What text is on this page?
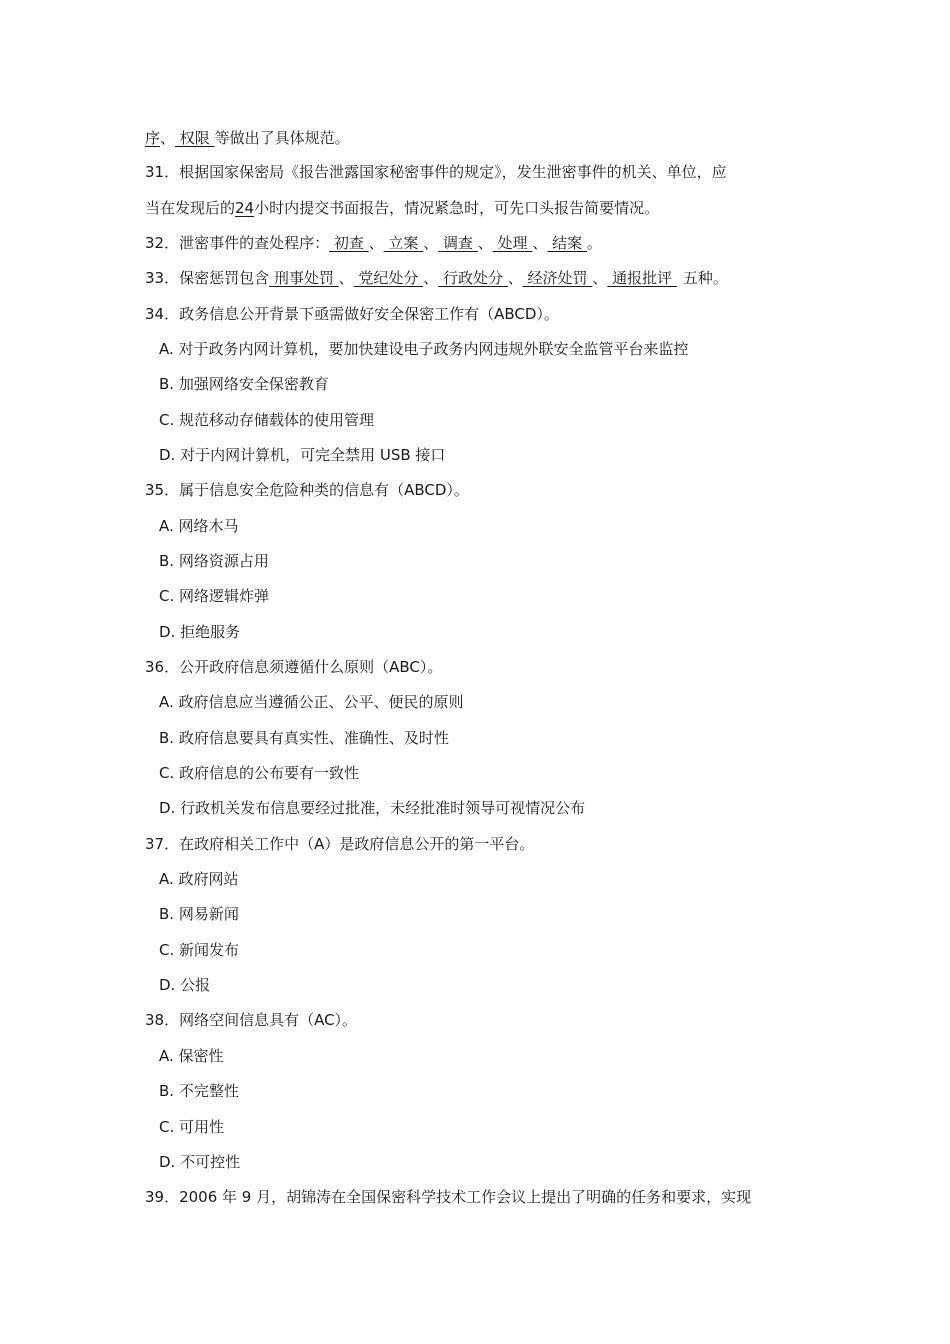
序、 权限 等做出了具体规范。
31．根据国家保密局《报告泄露国家秘密事件的规定》，发生泄密事件的机关、单位，应
当在发现后的24小时内提交书面报告，情况紧急时，可先口头报告简要情况。
32．泄密事件的查处程序： 初查 、 立案 、 调查 、 处理 、 结案 。
33．保密惩罚包含 刑事处罚 、 党纪处分 、 行政处分 、 经济处罚 、 通报批评 五种。
34．政务信息公开背景下亟需做好安全保密工作有（ABCD）。
A. 对于政务内网计算机，要加快建设电子政务内网违规外联安全监管平台来监控
B. 加强网络安全保密教育
C. 规范移动存储载体的使用管理
D. 对于内网计算机，可完全禁用 USB 接口
35．属于信息安全危险种类的信息有（ABCD）。
A. 网络木马
B. 网络资源占用
C. 网络逻辑炸弹
D. 拒绝服务
36．公开政府信息须遵循什么原则（ABC）。
A. 政府信息应当遵循公正、公平、便民的原则
B. 政府信息要具有真实性、准确性、及时性
C. 政府信息的公布要有一致性
D. 行政机关发布信息要经过批准，未经批准时领导可视情况公布
37．在政府相关工作中（A）是政府信息公开的第一平台。
A. 政府网站
B. 网易新闻
C. 新闻发布
D. 公报
38．网络空间信息具有（AC）。
A. 保密性
B. 不完整性
C. 可用性
D. 不可控性
39．2006 年 9 月，胡锦涛在全国保密科学技术工作会议上提出了明确的任务和要求，实现
